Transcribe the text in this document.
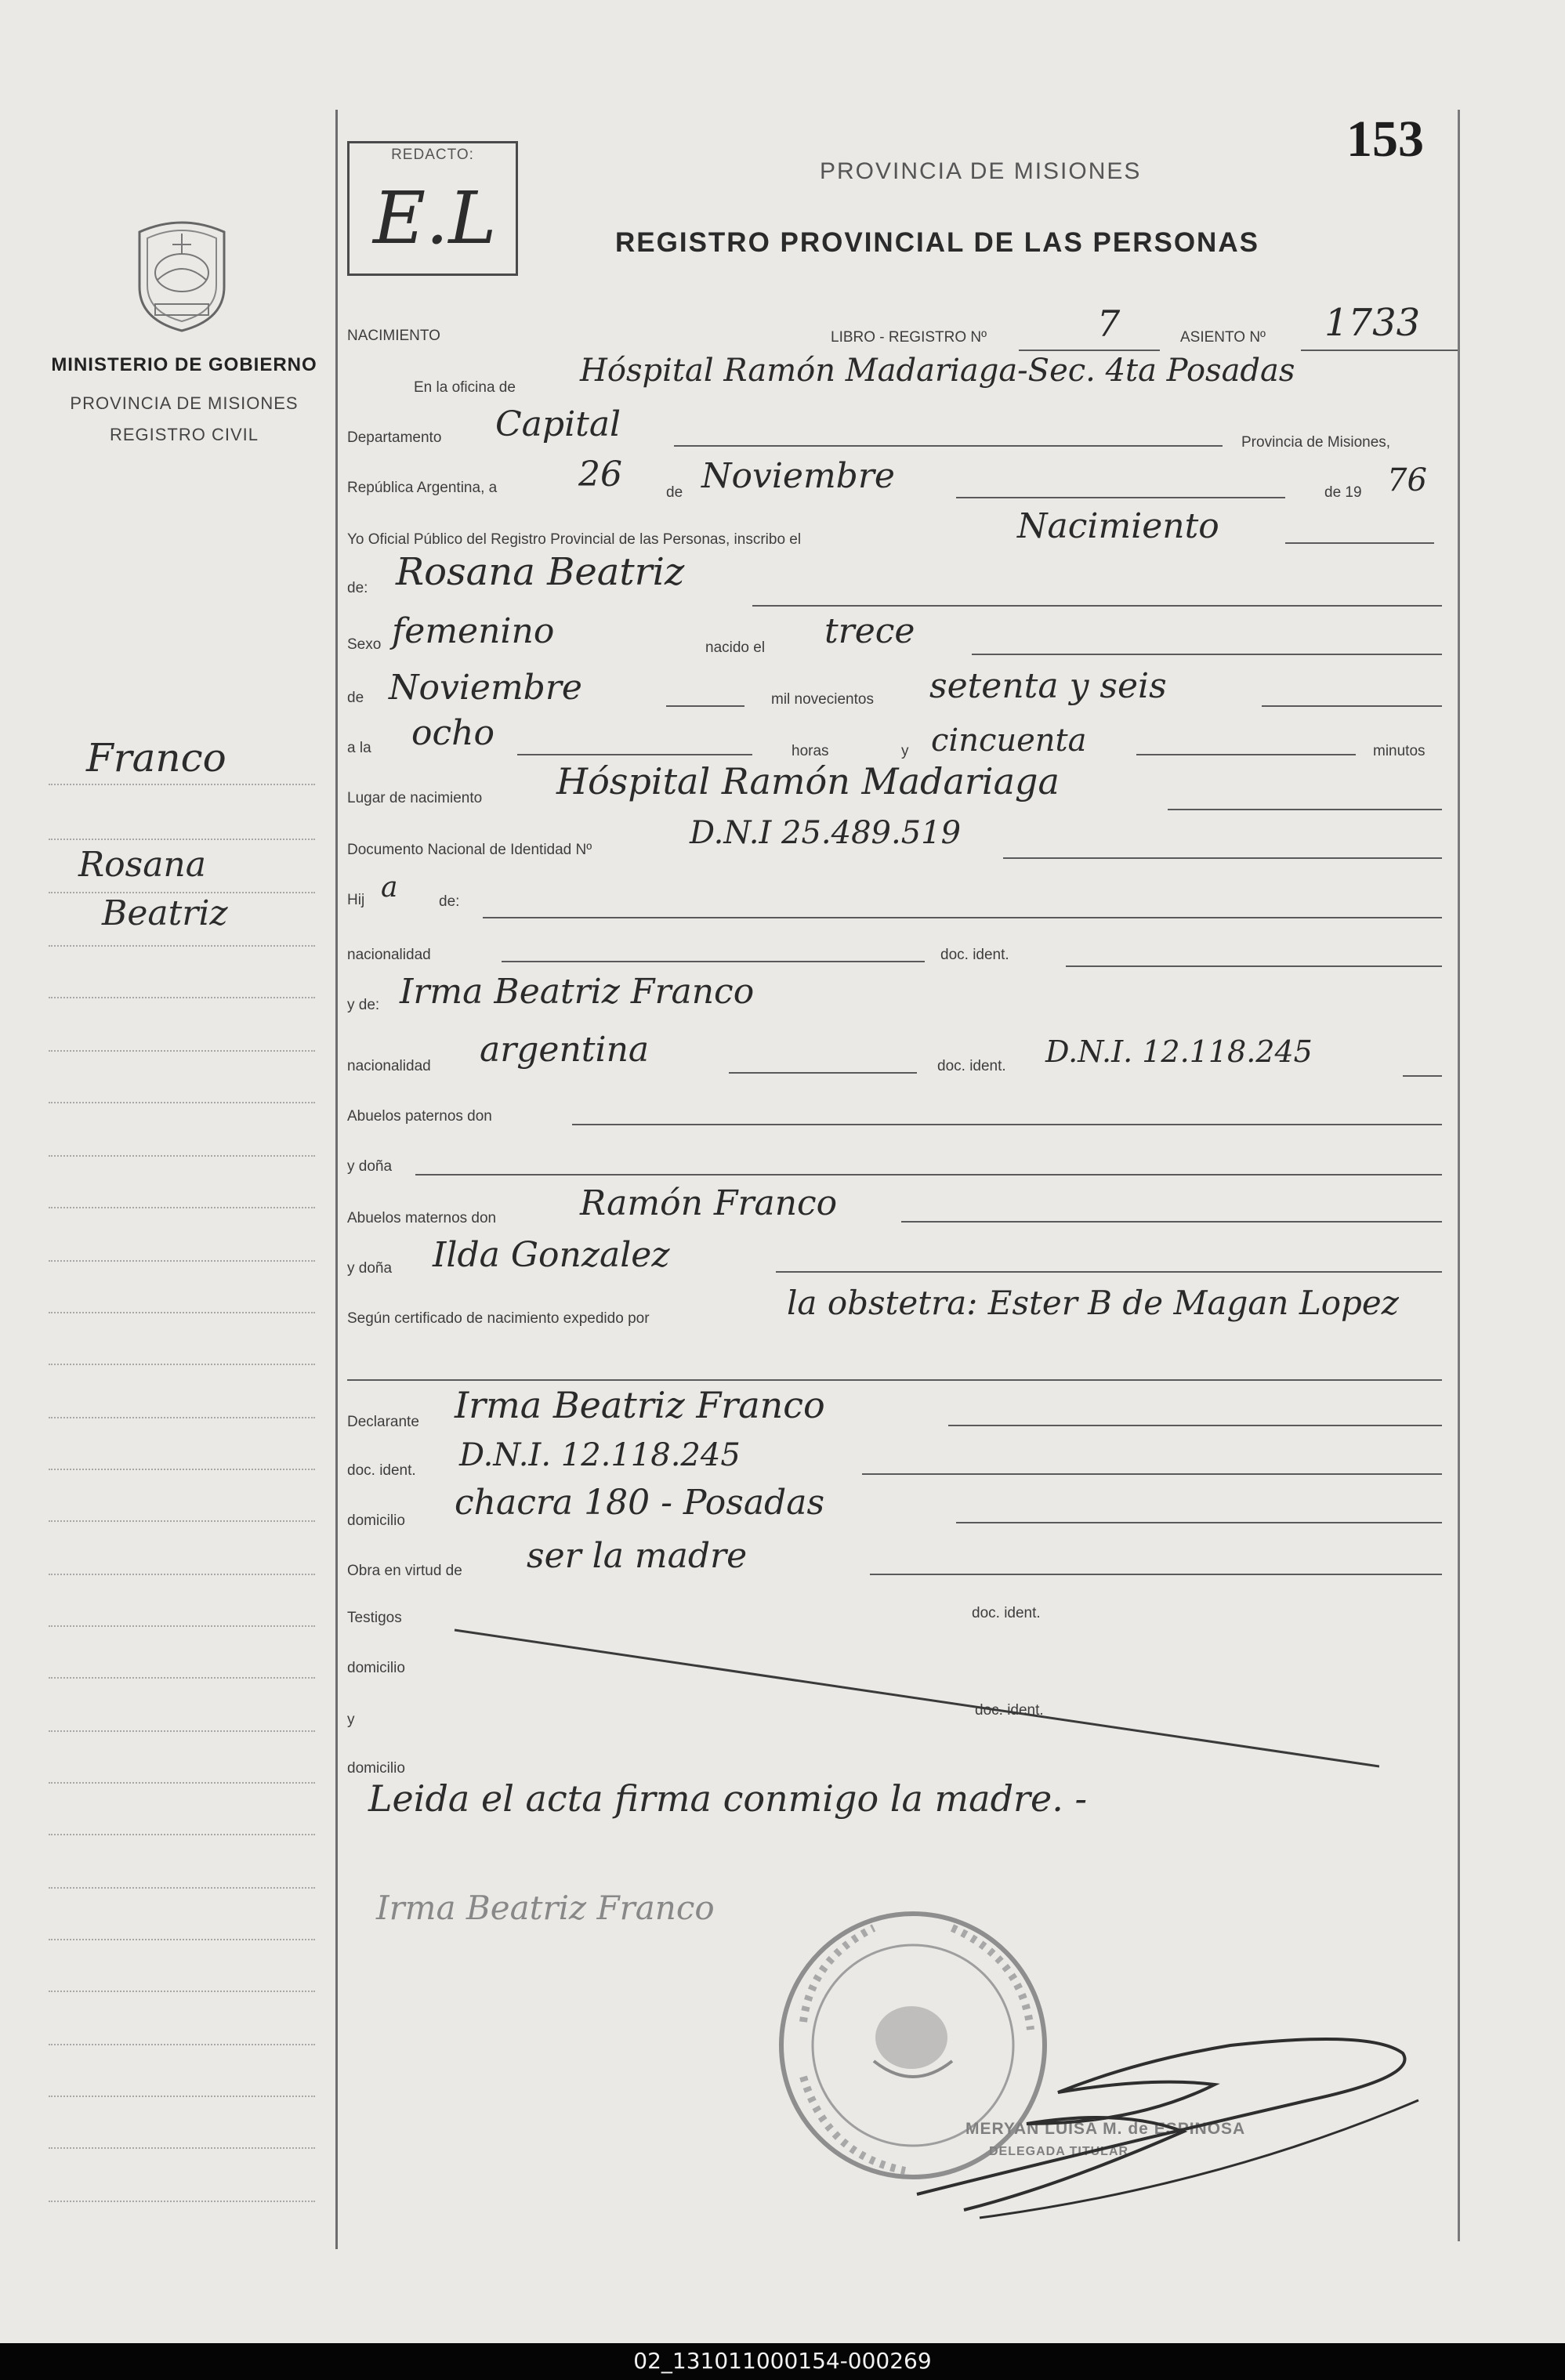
MINISTERIO DE GOBIERNO
PROVINCIA DE MISIONES
REGISTRO CIVIL
Franco
Rosana
Beatriz
REDACTO:
E.L
153
PROVINCIA DE MISIONES
REGISTRO PROVINCIAL DE LAS PERSONAS
NACIMIENTO	LIBRO - REGISTRO Nº	7	ASIENTO Nº 1733
En la oficina de Hóspital Ramón Madariaga-Sec. 4ta Posadas
Departamento Capital	Provincia de Misiones,
República Argentina, a 26	de Noviembre	de 19 76
Yo Oficial Público del Registro Provincial de las Personas, inscribo el	Nacimiento
de: Rosana Beatriz
Sexo femenino	nacido el trece
de Noviembre	mil novecientos setenta y seis
a la ocho	horas	y cincuenta	minutos
Lugar de nacimiento Hóspital Ramón Madariaga
Documento Nacional de Identidad Nº	D.N.I 25.489.519
Hij a	de:
nacionalidad	doc. ident.
y de: Irma Beatriz Franco
nacionalidad argentina	doc. ident. D.N.I. 12.118.245
Abuelos paternos don
y doña
Abuelos maternos don Ramón Franco
y doña Ilda Gonzalez
Según certificado de nacimiento expedido por	la obstetra: Ester B de Magan Lopez
Declarante Irma Beatriz Franco
doc. ident. D.N.I. 12.118.245
domicilio chacra 180 - Posadas
Obra en virtud de ser la madre
Testigos	doc. ident.
domicilio
y
doc. ident.
domicilio
Leida el acta firma conmigo la madre. -
Irma Beatriz Franco
MERYAN LUISA M. de ESPINOSA
DELEGADA TITULAR
02_131011000154-000269
